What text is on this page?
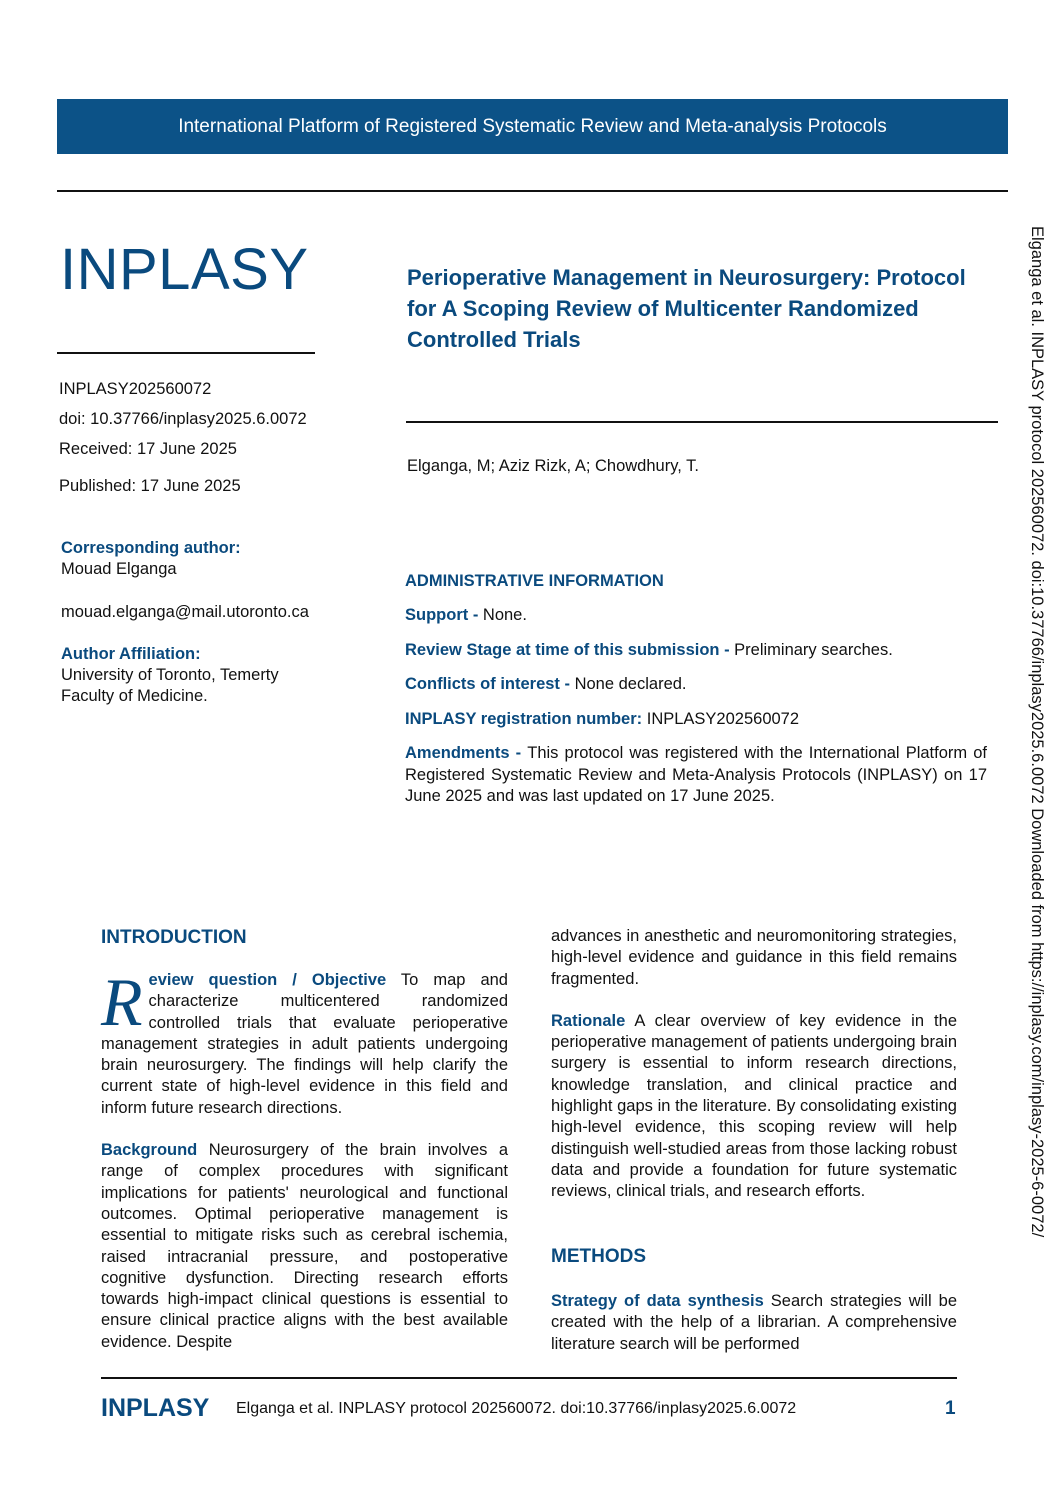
International Platform of Registered Systematic Review and Meta-analysis Protocols
INPLASY
INPLASY202560072
doi: 10.37766/inplasy2025.6.0072
Received: 17 June 2025
Published: 17 June 2025
Perioperative Management in Neurosurgery: Protocol for A Scoping Review of Multicenter Randomized Controlled Trials
Elganga, M; Aziz Rizk, A; Chowdhury, T.
Corresponding author:
Mouad Elganga
mouad.elganga@mail.utoronto.ca
Author Affiliation:
University of Toronto, Temerty Faculty of Medicine.
ADMINISTRATIVE INFORMATION
Support - None.
Review Stage at time of this submission - Preliminary searches.
Conflicts of interest - None declared.
INPLASY registration number: INPLASY202560072
Amendments - This protocol was registered with the International Platform of Registered Systematic Review and Meta-Analysis Protocols (INPLASY) on 17 June 2025 and was last updated on 17 June 2025.
INTRODUCTION

Review question / Objective To map and characterize multicentered randomized controlled trials that evaluate perioperative management strategies in adult patients undergoing brain neurosurgery. The findings will help clarify the current state of high-level evidence in this field and inform future research directions.

Background Neurosurgery of the brain involves a range of complex procedures with significant implications for patients' neurological and functional outcomes. Optimal perioperative management is essential to mitigate risks such as cerebral ischemia, raised intracranial pressure, and postoperative cognitive dysfunction. Directing research efforts towards high-impact clinical questions is essential to ensure clinical practice aligns with the best available evidence. Despite

advances in anesthetic and neuromonitoring strategies, high-level evidence and guidance in this field remains fragmented.

Rationale A clear overview of key evidence in the perioperative management of patients undergoing brain surgery is essential to inform research directions, knowledge translation, and clinical practice and highlight gaps in the literature. By consolidating existing high-level evidence, this scoping review will help distinguish well-studied areas from those lacking robust data and provide a foundation for future systematic reviews, clinical trials, and research efforts.

METHODS
Strategy of data synthesis Search strategies will be created with the help of a librarian. A comprehensive literature search will be performed
Elganga et al. INPLASY protocol 202560072. doi:10.37766/inplasy2025.6.0072 Downloaded from https://inplasy.com/inplasy-2025-6-0072/
INPLASY Elganga et al. INPLASY protocol 202560072. doi:10.37766/inplasy2025.6.0072	1
